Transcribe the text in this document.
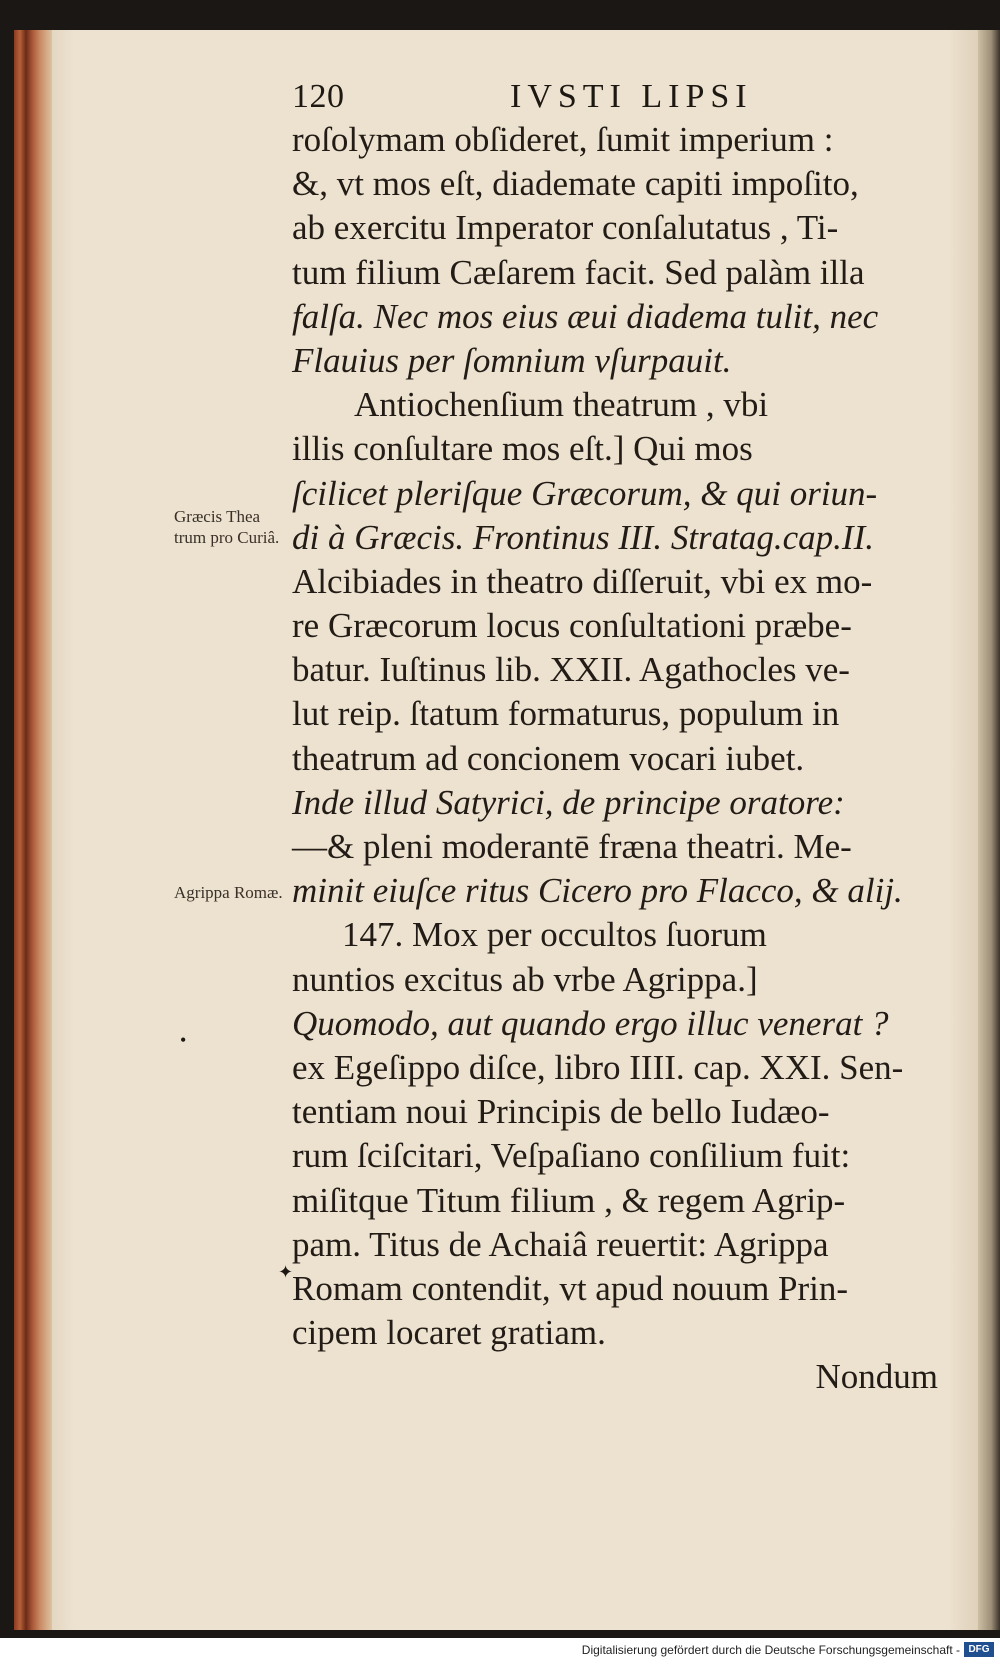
120	IVSTI LIPSI
roſolymam obſideret, ſumit imperium :
&, vt mos eſt, diademate capiti impoſito,
ab exercitu Imperator conſalutatus , Ti-
tum filium Cæſarem facit. Sed palàm illa
falſa. Nec mos eius æui diadema tulit, nec
Flauius per ſomnium vſurpauit.
Antiochenſium theatrum , vbi
illis conſultare mos eſt.] Qui mos
ſcilicet pleriſque Græcorum, & qui oriun-
di à Græcis. Frontinus III. Stratag.cap.II.
Alcibiades in theatro diſſeruit, vbi ex mo-
re Græcorum locus conſultationi præbe-
batur. Iuſtinus lib. XXII. Agathocles ve-
lut reip. ſtatum formaturus, populum in
theatrum ad concionem vocari iubet.
Inde illud Satyrici, de principe oratore:
—& pleni moderantē fræna theatri. Me-
minit eiuſce ritus Cicero pro Flacco, & alij.
147. Mox per occultos ſuorum
nuntios excitus ab vrbe Agrippa.]
Quomodo, aut quando ergo illuc venerat ?
ex Egeſippo diſce, libro IIII. cap. XXI. Sen-
tentiam noui Principis de bello Iudæo-
rum ſciſcitari, Veſpaſiano conſilium fuit:
miſitque Titum filium , & regem Agrip-
pam. Titus de Achaiâ reuertit: Agrippa
Romam contendit, vt apud nouum Prin-
cipem locaret gratiam.
Nondum
Græcis Thea trum pro Curiâ.
Agrippa Romæ.
•
✦
Digitalisierung gefördert durch die Deutsche Forschungsgemeinschaft - DFG
